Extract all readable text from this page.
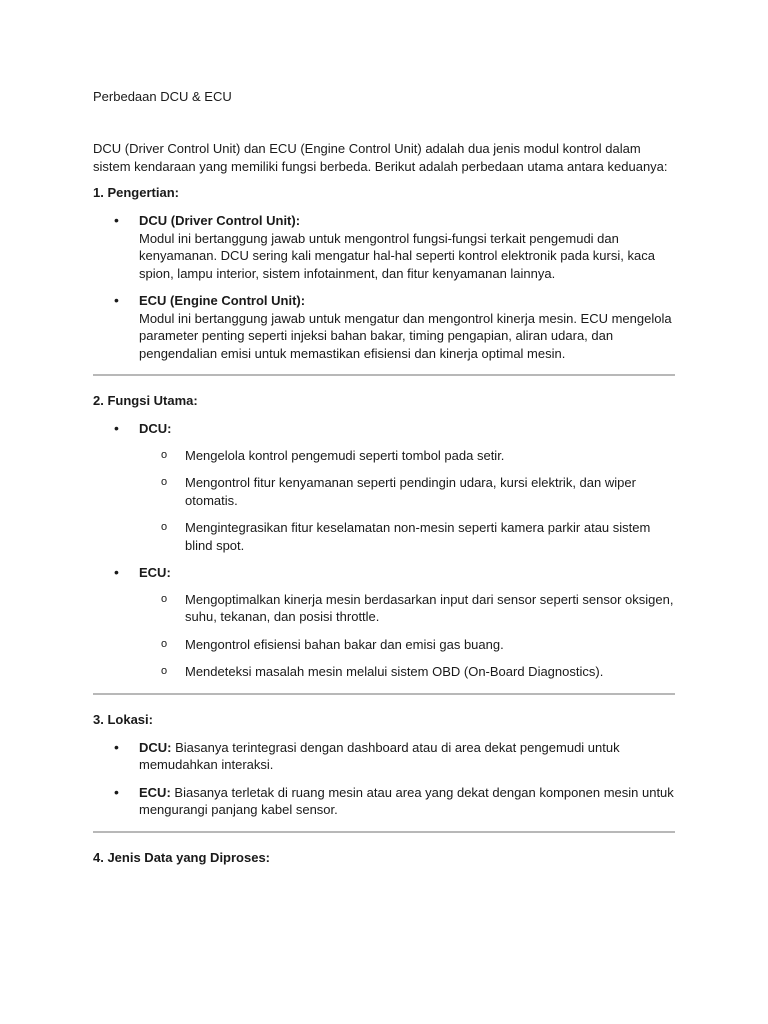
Perbedaan DCU & ECU

DCU (Driver Control Unit) dan ECU (Engine Control Unit) adalah dua jenis modul kontrol dalam sistem kendaraan yang memiliki fungsi berbeda. Berikut adalah perbedaan utama antara keduanya:

1. Pengertian:

• DCU (Driver Control Unit):
Modul ini bertanggung jawab untuk mengontrol fungsi-fungsi terkait pengemudi dan kenyamanan. DCU sering kali mengatur hal-hal seperti kontrol elektronik pada kursi, kaca spion, lampu interior, sistem infotainment, dan fitur kenyamanan lainnya.
• ECU (Engine Control Unit):
Modul ini bertanggung jawab untuk mengatur dan mengontrol kinerja mesin. ECU mengelola parameter penting seperti injeksi bahan bakar, timing pengapian, aliran udara, dan pengendalian emisi untuk memastikan efisiensi dan kinerja optimal mesin.

2. Fungsi Utama:

• DCU:
o Mengelola kontrol pengemudi seperti tombol pada setir.
o Mengontrol fitur kenyamanan seperti pendingin udara, kursi elektrik, dan wiper otomatis.
o Mengintegrasikan fitur keselamatan non-mesin seperti kamera parkir atau sistem blind spot.
• ECU:
o Mengoptimalkan kinerja mesin berdasarkan input dari sensor seperti sensor oksigen, suhu, tekanan, dan posisi throttle.
o Mengontrol efisiensi bahan bakar dan emisi gas buang.
o Mendeteksi masalah mesin melalui sistem OBD (On-Board Diagnostics).

3. Lokasi:

• DCU: Biasanya terintegrasi dengan dashboard atau di area dekat pengemudi untuk memudahkan interaksi.
• ECU: Biasanya terletak di ruang mesin atau area yang dekat dengan komponen mesin untuk mengurangi panjang kabel sensor.

4. Jenis Data yang Diproses:
